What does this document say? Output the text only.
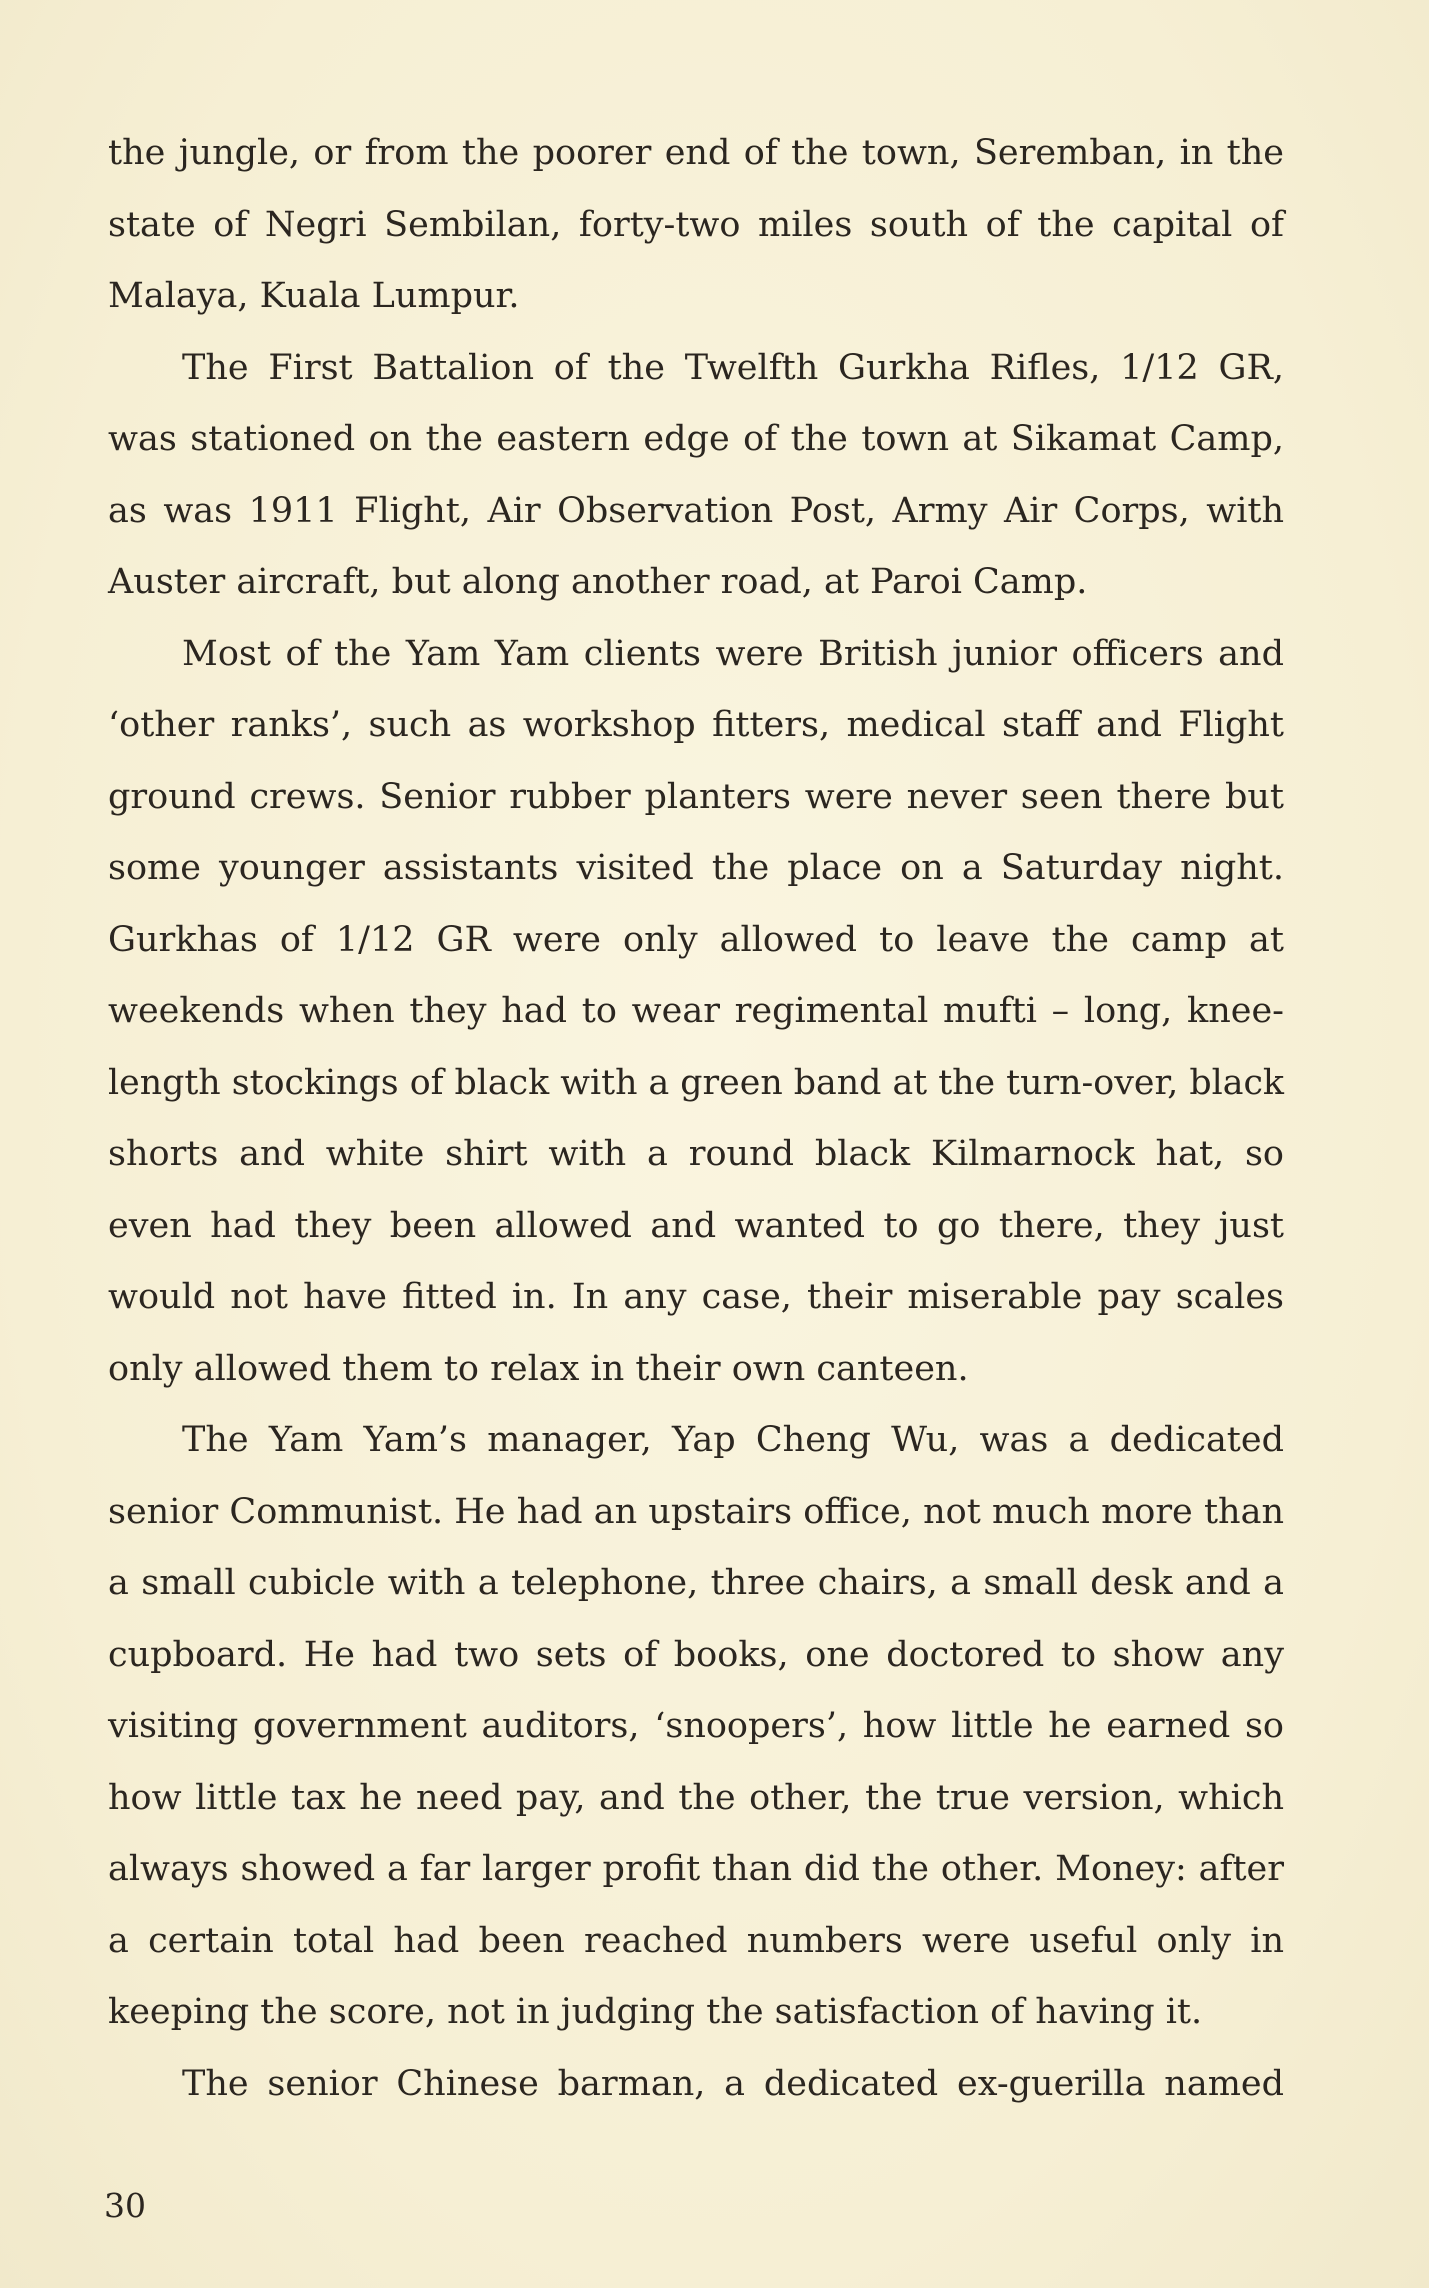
the jungle, or from the poorer end of the town, Seremban, in the
state of Negri Sembilan, forty-two miles south of the capital of
Malaya, Kuala Lumpur.
The First Battalion of the Twelfth Gurkha Rifles, 1/12 GR,
was stationed on the eastern edge of the town at Sikamat Camp,
as was 1911 Flight, Air Observation Post, Army Air Corps, with
Auster aircraft, but along another road, at Paroi Camp.
Most of the Yam Yam clients were British junior officers and
‘other ranks’, such as workshop fitters, medical staff and Flight
ground crews. Senior rubber planters were never seen there but
some younger assistants visited the place on a Saturday night.
Gurkhas of 1/12 GR were only allowed to leave the camp at
weekends when they had to wear regimental mufti – long, knee-
length stockings of black with a green band at the turn-over, black
shorts and white shirt with a round black Kilmarnock hat, so
even had they been allowed and wanted to go there, they just
would not have fitted in. In any case, their miserable pay scales
only allowed them to relax in their own canteen.
The Yam Yam’s manager, Yap Cheng Wu, was a dedicated
senior Communist. He had an upstairs office, not much more than
a small cubicle with a telephone, three chairs, a small desk and a
cupboard. He had two sets of books, one doctored to show any
visiting government auditors, ‘snoopers’, how little he earned so
how little tax he need pay, and the other, the true version, which
always showed a far larger profit than did the other. Money: after
a certain total had been reached numbers were useful only in
keeping the score, not in judging the satisfaction of having it.
The senior Chinese barman, a dedicated ex-guerilla named
30
